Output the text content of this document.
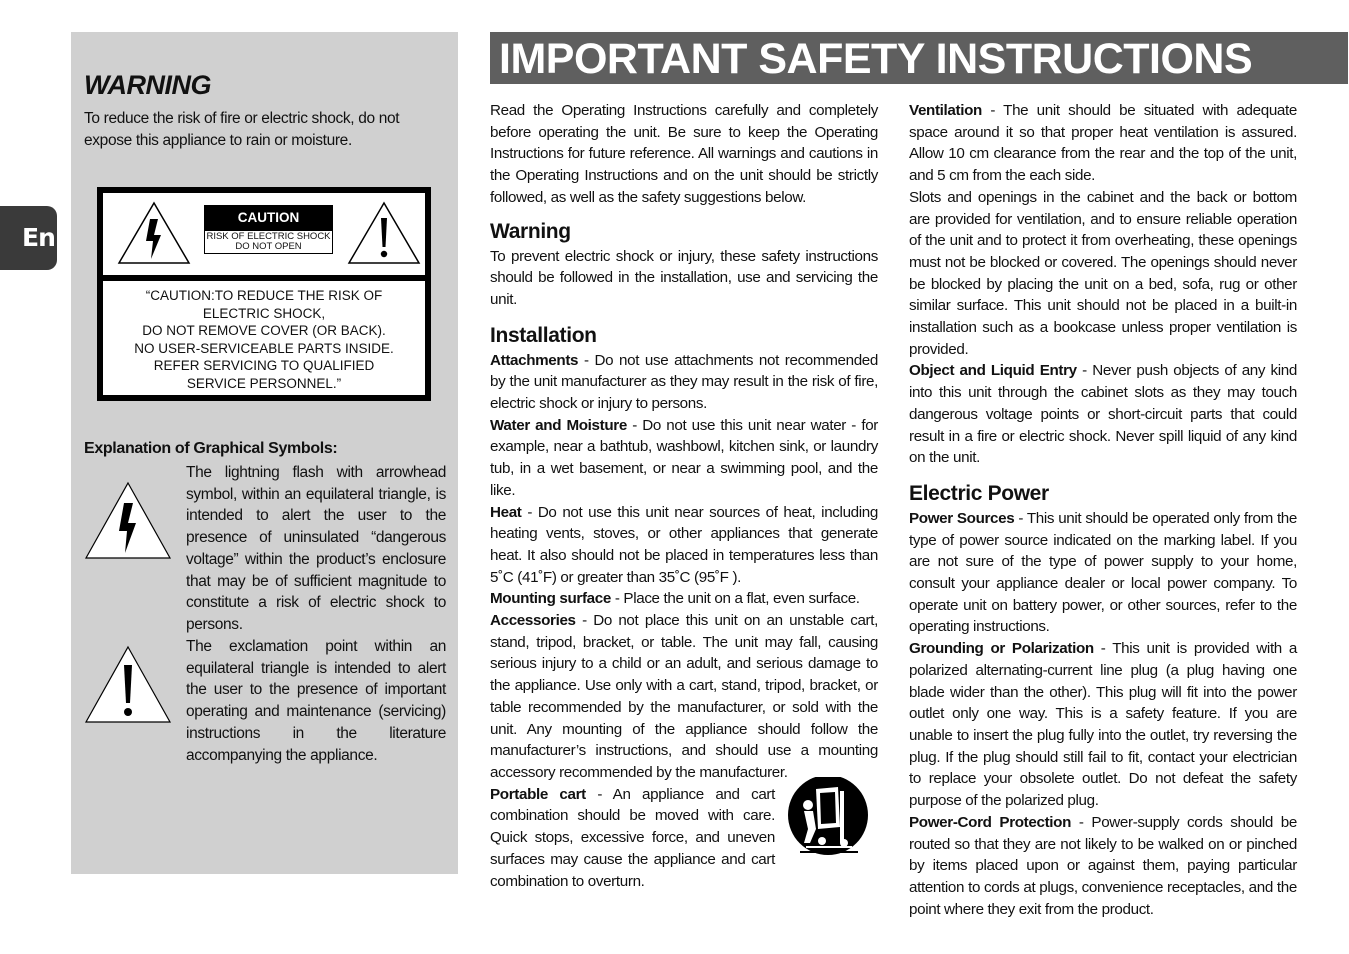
En
WARNING
To reduce the risk of fire or electric shock, do not expose this appliance to rain or moisture.
CAUTION
RISK OF ELECTRIC SHOCK
DO NOT OPEN
“CAUTION:TO REDUCE THE RISK OF
ELECTRIC SHOCK,
DO NOT REMOVE COVER (OR BACK).
NO USER-SERVICEABLE PARTS INSIDE.
REFER SERVICING TO QUALIFIED
SERVICE PERSONNEL.”
Explanation of Graphical Symbols:
The lightning flash with arrowhead symbol, within an equilateral triangle, is intended to alert the user to the presence of uninsulated “dangerous voltage” within the product’s enclosure that may be of sufficient magnitude to constitute a risk of electric shock to persons.
The exclamation point within an equilateral triangle is intended to alert the user to the presence of important operating and maintenance (servicing) instructions in the literature accompanying the appliance.
IMPORTANT SAFETY INSTRUCTIONS

Read the Operating Instructions carefully and completely before operating the unit. Be sure to keep the Operating Instructions for future reference. All warnings and cautions in the Operating Instructions and on the unit should be strictly followed, as well as the safety suggestions below.

Warning

To prevent electric shock or injury, these safety instructions should be followed in the installation, use and servicing the unit.

Installation

Attachments - Do not use attachments not recommended by the unit manufacturer as they may result in the risk of fire, electric shock or injury to persons.

Water and Moisture - Do not use this unit near water - for example, near a bathtub, washbowl, kitchen sink, or laundry tub, in a wet basement, or near a swimming pool, and the like.

Heat - Do not use this unit near sources of heat, including heating vents, stoves, or other appliances that generate heat. It also should not be placed in temperatures less than 5˚C (41˚F) or greater than 35˚C (95˚F ).

Mounting surface - Place the unit on a flat, even surface.

Accessories - Do not place this unit on an unstable cart, stand, tripod, bracket, or table. The unit may fall, causing serious injury to a child or an adult, and serious damage to the appliance. Use only with a cart, stand, tripod, bracket, or table recommended by the manufacturer, or sold with the unit. Any mounting of the appliance should follow the manufacturer’s instructions, and should use a mounting accessory recommended by the manufacturer.

Portable cart - An appliance and cart combination should be moved with care. Quick stops, excessive force, and uneven surfaces may cause the appliance and cart combination to overturn.

Ventilation - The unit should be situated with adequate space around it so that proper heat ventilation is assured. Allow 10 cm clearance from the rear and the top of the unit, and 5 cm from the each side.

Slots and openings in the cabinet and the back or bottom are provided for ventilation, and to ensure reliable operation of the unit and to protect it from overheating, these openings must not be blocked or covered. The openings should never be blocked by placing the unit on a bed, sofa, rug or other similar surface. This unit should not be placed in a built-in installation such as a bookcase unless proper ventilation is provided.

Object and Liquid Entry - Never push objects of any kind into this unit through the cabinet slots as they may touch dangerous voltage points or short-circuit parts that could result in a fire or electric shock. Never spill liquid of any kind on the unit.

Electric Power

Power Sources - This unit should be operated only from the type of power source indicated on the marking label. If you are not sure of the type of power supply to your home, consult your appliance dealer or local power company. To operate unit on battery power, or other sources, refer to the operating instructions.

Grounding or Polarization - This unit is provided with a polarized alternating-current line plug (a plug having one blade wider than the other). This plug will fit into the power outlet only one way. This is a safety feature. If you are unable to insert the plug fully into the outlet, try reversing the plug. If the plug should still fail to fit, contact your electrician to replace your obsolete outlet. Do not defeat the safety purpose of the polarized plug.

Power-Cord Protection - Power-supply cords should be routed so that they are not likely to be walked on or pinched by items placed upon or against them, paying particular attention to cords at plugs, convenience receptacles, and the point where they exit from the product.
